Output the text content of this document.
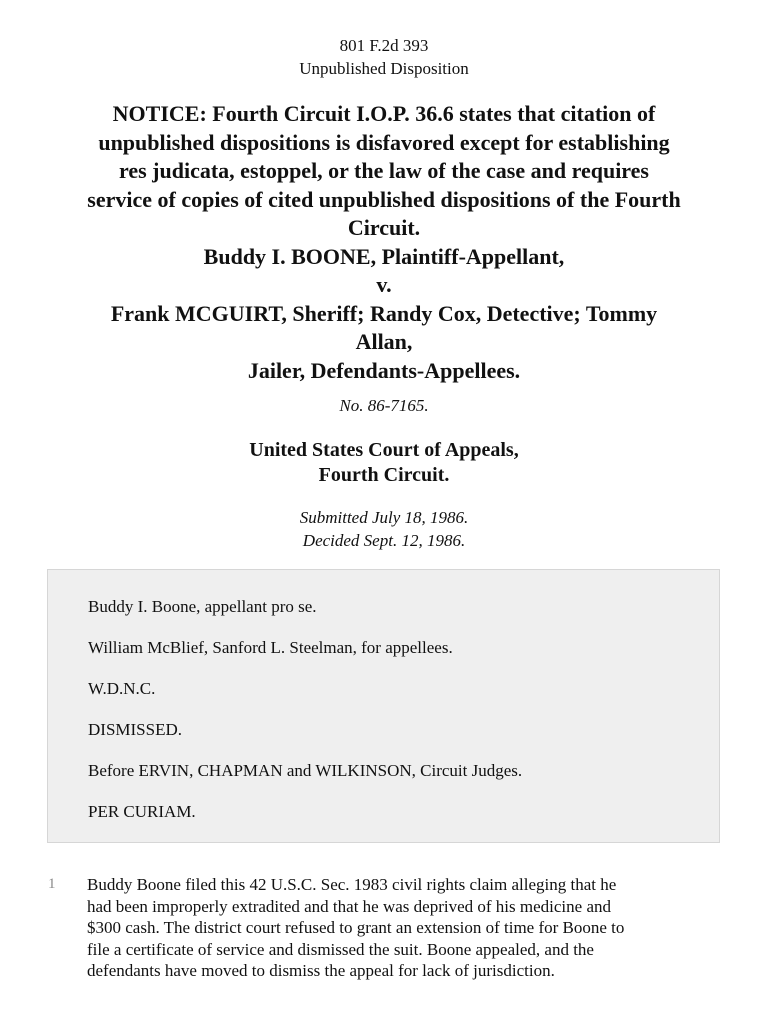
801 F.2d 393
Unpublished Disposition
NOTICE: Fourth Circuit I.O.P. 36.6 states that citation of
unpublished dispositions is disfavored except for establishing
res judicata, estoppel, or the law of the case and requires
service of copies of cited unpublished dispositions of the Fourth
Circuit.
Buddy I. BOONE, Plaintiff-Appellant,
v.
Frank MCGUIRT, Sheriff; Randy Cox, Detective; Tommy
Allan,
Jailer, Defendants-Appellees.
No. 86-7165.
United States Court of Appeals,
Fourth Circuit.
Submitted July 18, 1986.
Decided Sept. 12, 1986.
Buddy I. Boone, appellant pro se.
William McBlief, Sanford L. Steelman, for appellees.
W.D.N.C.
DISMISSED.
Before ERVIN, CHAPMAN and WILKINSON, Circuit Judges.
PER CURIAM.
1 Buddy Boone filed this 42 U.S.C. Sec. 1983 civil rights claim alleging that he
had been improperly extradited and that he was deprived of his medicine and
$300 cash. The district court refused to grant an extension of time for Boone to
file a certificate of service and dismissed the suit. Boone appealed, and the
defendants have moved to dismiss the appeal for lack of jurisdiction.
